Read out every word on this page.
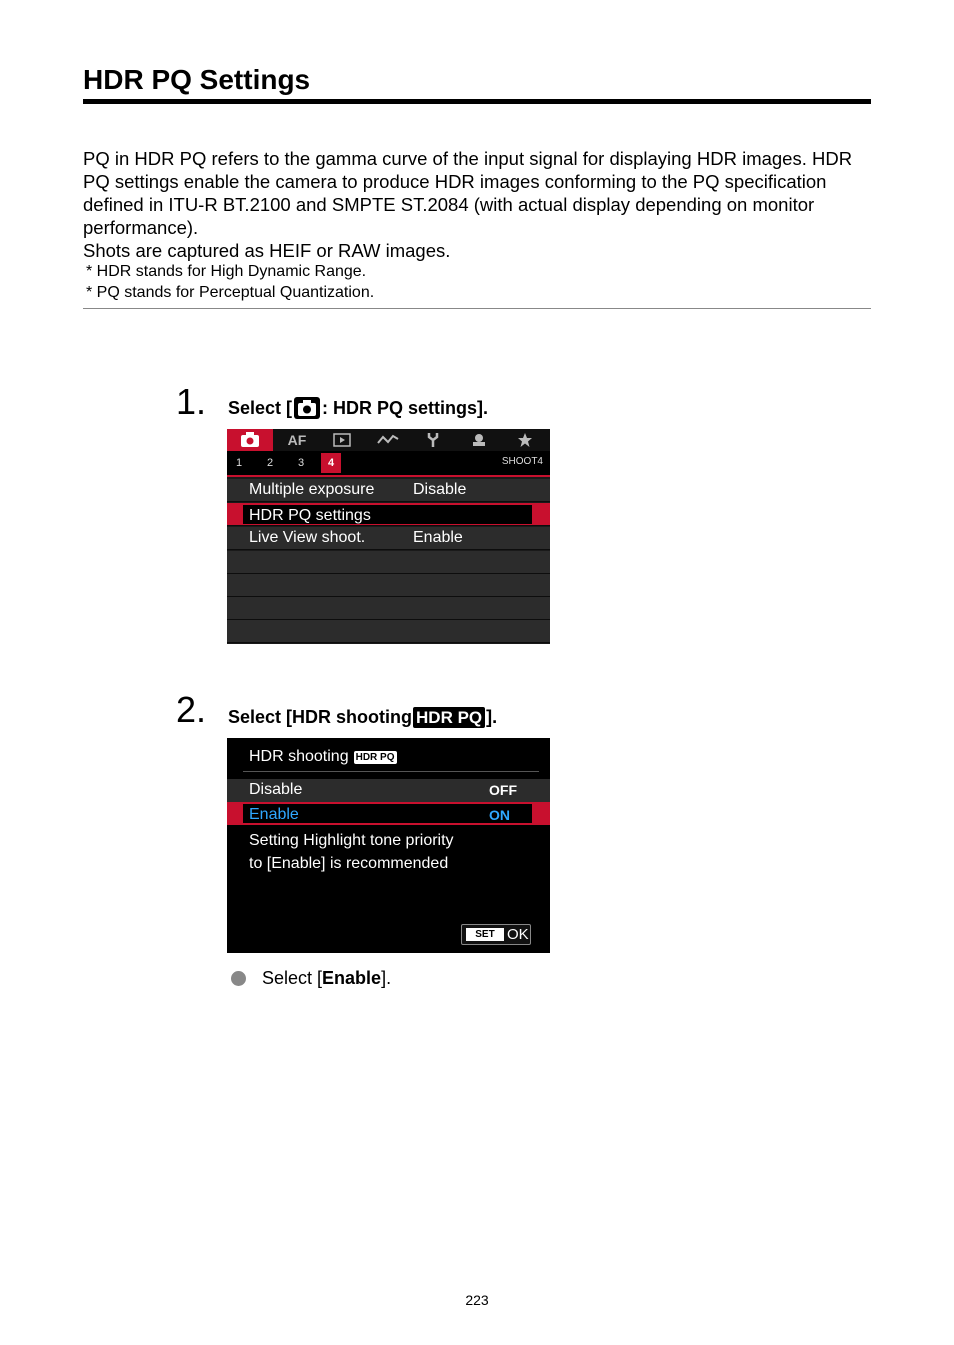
HDR PQ Settings
PQ in HDR PQ refers to the gamma curve of the input signal for displaying HDR images. HDR PQ settings enable the camera to produce HDR images conforming to the PQ specification defined in ITU-R BT.2100 and SMPTE ST.2084 (with actual display depending on monitor performance).
Shots are captured as HEIF or RAW images.
* HDR stands for High Dynamic Range.
* PQ stands for Perceptual Quantization.
1. Select [ : HDR PQ settings].
AF
1 2 3	4	SHOOT4
Multiple exposure Disable
HDR PQ settings
Live View shoot.	Enable
2. Select [HDR shooting HDR PQ ].
HDR shooting HDR PQ
Disable	OFF
Enable	ON
Setting Highlight tone priority
to [Enable] is recommended
SET OK
Select [Enable].
223
